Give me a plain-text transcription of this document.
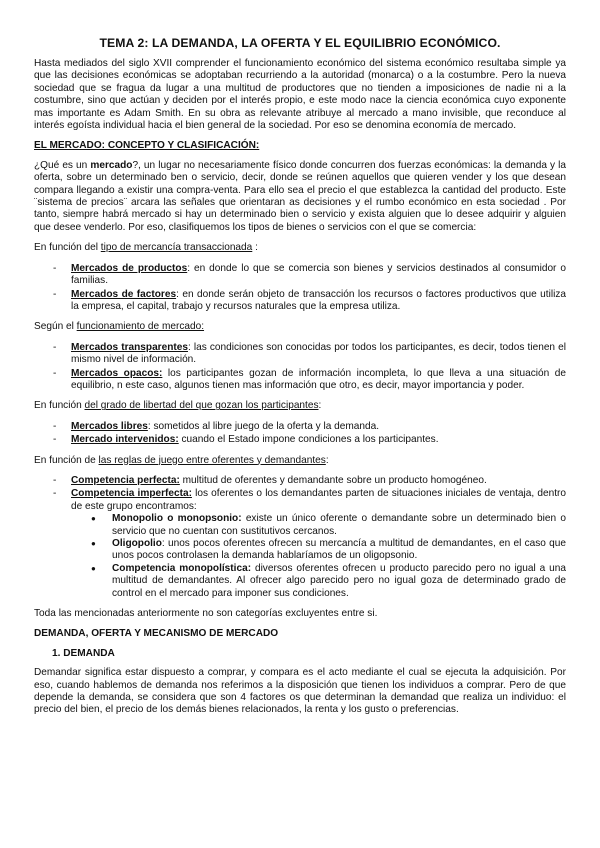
TEMA 2: LA DEMANDA, LA OFERTA Y EL EQUILIBRIO ECONÓMICO.

Hasta mediados del siglo XVII comprender el funcionamiento económico del sistema económico resultaba simple ya que las decisiones económicas se adoptaban recurriendo a la autoridad (monarca) o a la costumbre. Pero la nueva sociedad que se fragua da lugar a una multitud de productores que no tienden a imposiciones de nadie ni a la costumbre, sino que actúan y deciden por el interés propio, e este modo nace la ciencia económica cuyo exponente mas importante es Adam Smith. En su obra as relevante atribuye al mercado a mano invisible, que reconduce al interés egoísta individual hacia el bien general de la sociedad. Por eso se denomina economía de mercado.

EL MERCADO: CONCEPTO Y CLASIFICACIÓN:

¿Qué es un mercado?, un lugar no necesariamente físico donde concurren dos fuerzas económicas: la demanda y la oferta, sobre un determinado ben o servicio, decir, donde se reúnen aquellos que quieren vender y los que desean compara llegando a existir una compra-venta. Para ello sea el precio el que establezca la cantidad del producto. Este ¨sistema de precios¨ arcara las señales que orientaran as decisiones y el rumbo económico en esta sociedad . Por tanto, siempre habrá mercado si hay un determinado bien o servicio y exista alguien que lo desee adquirir y alguien que desee venderlo. Por eso, clasifiquemos los tipos de bienes o servicios con el que se comercia:

En función del tipo de mercancía transaccionada :

- Mercados de productos: en donde lo que se comercia son bienes y servicios destinados al consumidor o familias.
- Mercados de factores: en donde serán objeto de transacción los recursos o factores productivos que utiliza la empresa, el capital, trabajo y recursos naturales que la empresa utiliza.

Según el funcionamiento de mercado:

- Mercados transparentes: las condiciones son conocidas por todos los participantes, es decir, todos tienen el mismo nivel de información.
- Mercados opacos: los participantes gozan de información incompleta, lo que lleva a una situación de equilibrio, n este caso, algunos tienen mas información que otro, es decir, mayor importancia y poder.

En función del grado de libertad del que gozan los participantes:

- Mercados libres: sometidos al libre juego de la oferta y la demanda.
- Mercado intervenidos: cuando el Estado impone condiciones a los participantes.

En función de las reglas de juego entre oferentes y demandantes:

- Competencia perfecta: multitud de oferentes y demandante sobre un producto homogéneo.
- Competencia imperfecta: los oferentes o los demandantes parten de situaciones iniciales de ventaja, dentro de este grupo encontramos:
● Monopolio o monopsonio: existe un único oferente o demandante sobre un determinado bien o servicio que no cuentan con sustitutivos cercanos.
● Oligopolio: unos pocos oferentes ofrecen su mercancía a multitud de demandantes, en el caso que unos pocos controlasen la demanda hablaríamos de un oligopsonio.
● Competencia monopolística: diversos oferentes ofrecen u producto parecido pero no igual a una multitud de demandantes. Al ofrecer algo parecido pero no igual goza de determinado grado de control en el mercado para imponer sus condiciones.

Toda las mencionadas anteriormente no son categorías excluyentes entre si.

DEMANDA, OFERTA Y MECANISMO DE MERCADO
1. DEMANDA

Demandar significa estar dispuesto a comprar, y compara es el acto mediante el cual se ejecuta la adquisición. Por eso, cuando hablemos de demanda nos referimos a la disposición que tienen los individuos a comprar. Pero de que depende la demanda, se considera que son 4 factores os que determinan la demandad que realiza un individuo: el precio del bien, el precio de los demás bienes relacionados, la renta y los gusto o preferencias.
